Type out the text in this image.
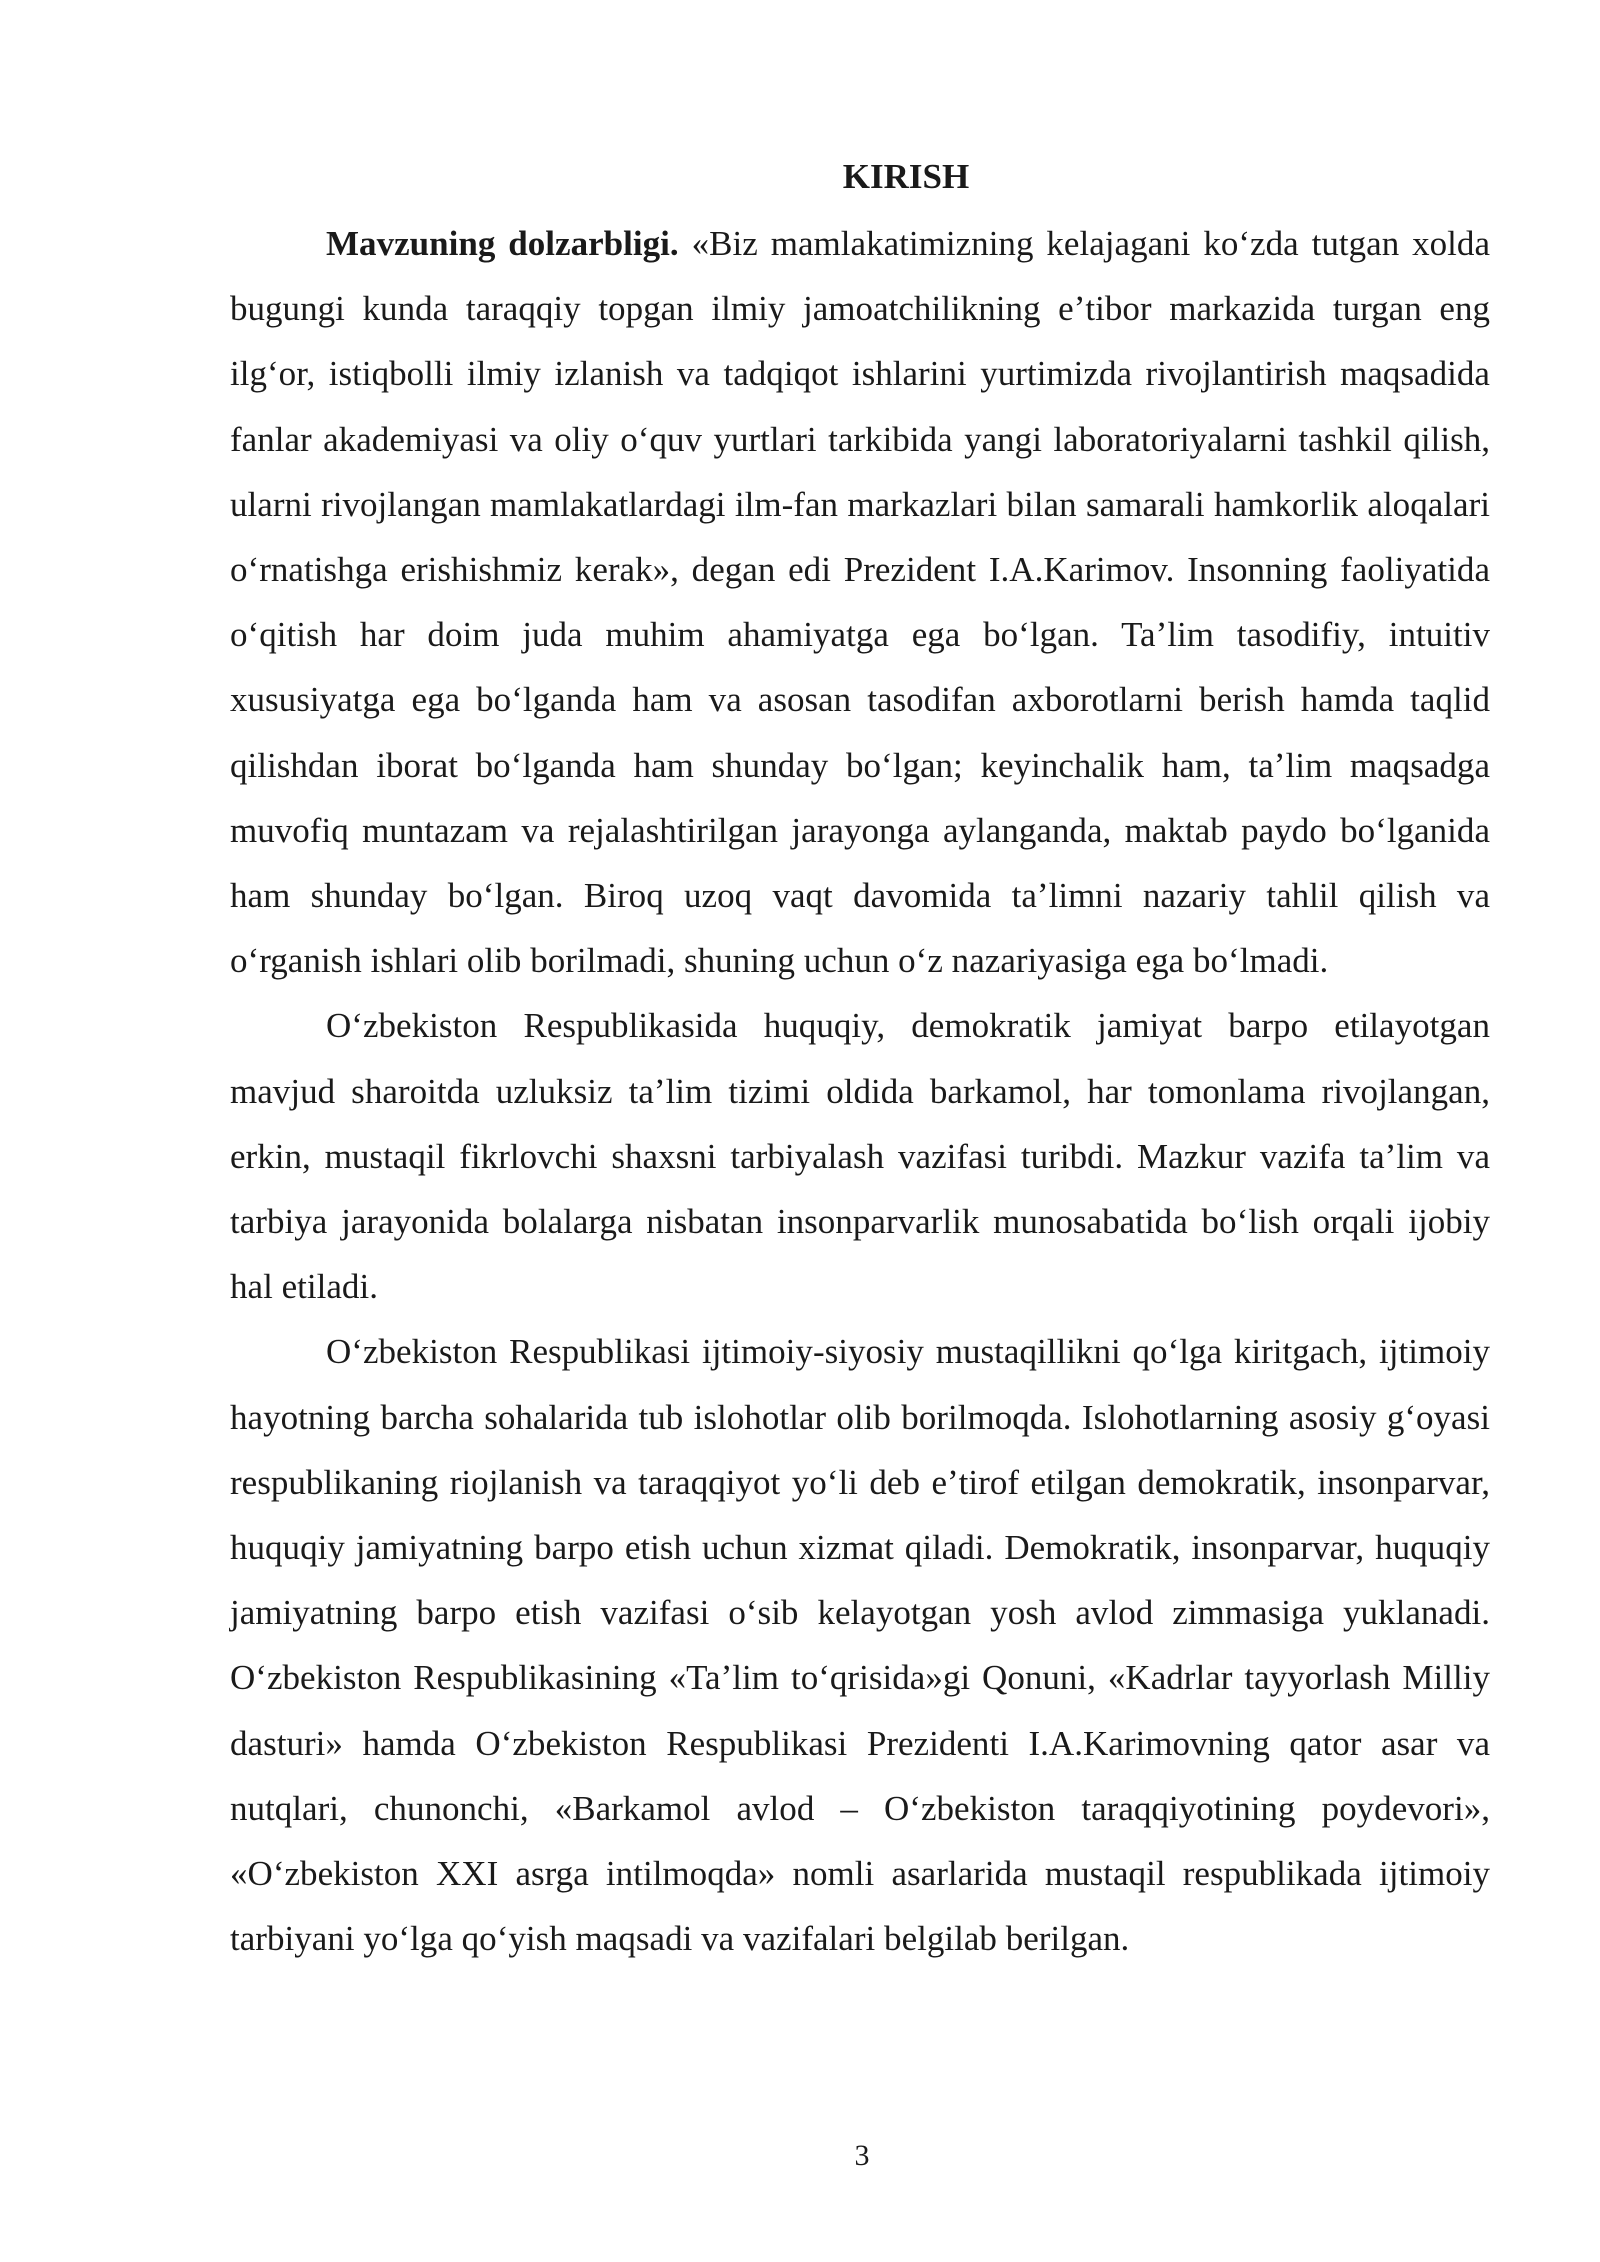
KIRISH

Mavzuning dolzarbligi. «Biz mamlakatimizning kelajagani koʻzda tutgan xolda bugungi kunda taraqqiy topgan ilmiy jamoatchilikning eʼtibor markazida turgan eng ilgʻor, istiqbolli ilmiy izlanish va tadqiqot ishlarini yurtimizda rivojlantirish maqsadida fanlar akademiyasi va oliy oʻquv yurtlari tarkibida yangi laboratoriyalarni tashkil qilish, ularni rivojlangan mamlakatlardagi ilm-fan markazlari bilan samarali hamkorlik aloqalari oʻrnatishga erishishmiz kerak», degan edi Prezident I.A.Karimov. Insonning faoliyatida oʻqitish har doim juda muhim ahamiyatga ega boʻlgan. Taʼlim tasodifiy, intuitiv xususiyatga ega boʻlganda ham va asosan tasodifan axborotlarni berish hamda taqlid qilishdan iborat boʻlganda ham shunday boʻlgan; keyinchalik ham, taʼlim maqsadga muvofiq muntazam va rejalashtirilgan jarayonga aylanganda, maktab paydo boʻlganida ham shunday boʻlgan. Biroq uzoq vaqt davomida taʼlimni nazariy tahlil qilish va oʻrganish ishlari olib borilmadi, shuning uchun oʻz nazariyasiga ega boʻlmadi.

Oʻzbekiston Respublikasida huquqiy, demokratik jamiyat barpo etilayotgan mavjud sharoitda uzluksiz taʼlim tizimi oldida barkamol, har tomonlama rivojlangan, erkin, mustaqil fikrlovchi shaxsni tarbiyalash vazifasi turibdi. Mazkur vazifa taʼlim va tarbiya jarayonida bolalarga nisbatan insonparvarlik munosabatida boʻlish orqali ijobiy hal etiladi.

Oʻzbekiston Respublikasi ijtimoiy-siyosiy mustaqillikni qoʻlga kiritgach, ijtimoiy hayotning barcha sohalarida tub islohotlar olib borilmoqda. Islohotlarning asosiy gʻoyasi respublikaning riojlanish va taraqqiyot yoʻli deb eʼtirof etilgan demokratik, insonparvar, huquqiy jamiyatning barpo etish uchun xizmat qiladi. Demokratik, insonparvar, huquqiy jamiyatning barpo etish vazifasi oʻsib kelayotgan yosh avlod zimmasiga yuklanadi. Oʻzbekiston Respublikasining «Taʼlim toʻqrisida»gi Qonuni, «Kadrlar tayyorlash Milliy dasturi» hamda Oʻzbekiston Respublikasi Prezidenti I.A.Karimovning qator asar va nutqlari, chunonchi, «Barkamol avlod – Oʻzbekiston taraqqiyotining poydevori», «Oʻzbekiston XXI asrga intilmoqda» nomli asarlarida mustaqil respublikada ijtimoiy tarbiyani yoʻlga qoʻyish maqsadi va vazifalari belgilab berilgan.

3
